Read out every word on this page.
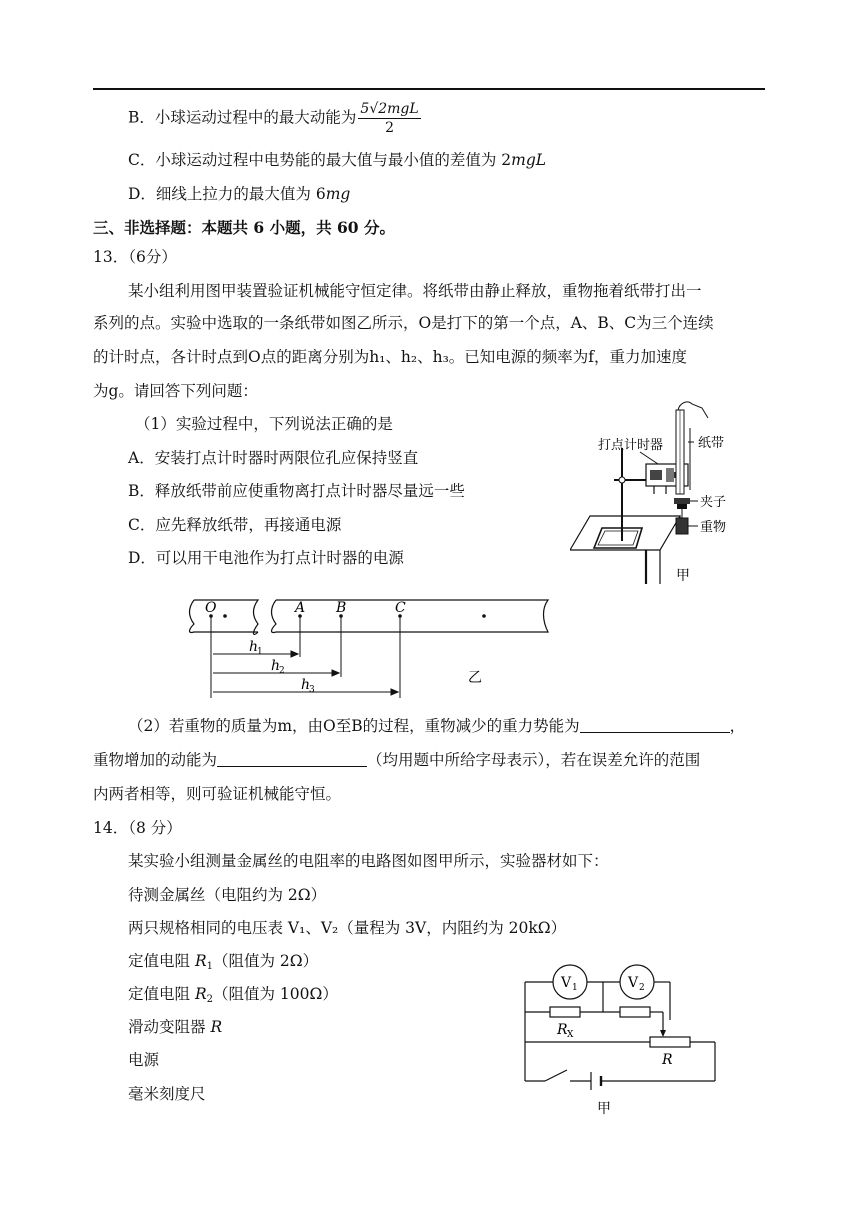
B．小球运动过程中的最大动能为 $\frac{\text{5√2mgL}}{2}$
C．小球运动过程中电势能的最大值与最小值的差值为 2mgL
D．细线上拉力的最大值为 6mg
三、非选择题：本题共 6 小题，共 60 分。
13．（6分）
某小组利用图甲装置验证机械能守恒定律。将纸带由静止释放，重物拖着纸带打出一
系列的点。实验中选取的一条纸带如图乙所示，O是打下的第一个点，A、B、C为三个连续
的计时点，各计时点到O点的距离分别为h₁、h₂、h₃。已知电源的频率为f，重力加速度
为g。请回答下列问题：
（1）实验过程中，下列说法正确的是
A．安装打点计时器时两限位孔应保持竖直
B．释放纸带前应使重物离打点计时器尽量远一些
C．应先释放纸带，再接通电源
D．可以用干电池作为打点计时器的电源
打点计时器	纸带
夹子
重物
甲
O	A B	C
h
1
h
2
h
3
乙
（2）若重物的质量为m，由O至B的过程，重物减少的重力势能为	，
重物增加的动能为	（均用题中所给字母表示），若在误差允许的范围
内两者相等，则可验证机械能守恒。
14．（8 分）
某实验小组测量金属丝的电阻率的电路图如图甲所示，实验器材如下：
待测金属丝（电阻约为 2Ω）
两只规格相同的电压表 V₁、V₂（量程为 3V，内阻约为 20kΩ）
定值电阻 $R_1$（阻值为 2Ω）
定值电阻 $R_2$（阻值为 100Ω）
滑动变阻器 R
电源
毫米刻度尺
V 1	V 2
R X
R
甲
